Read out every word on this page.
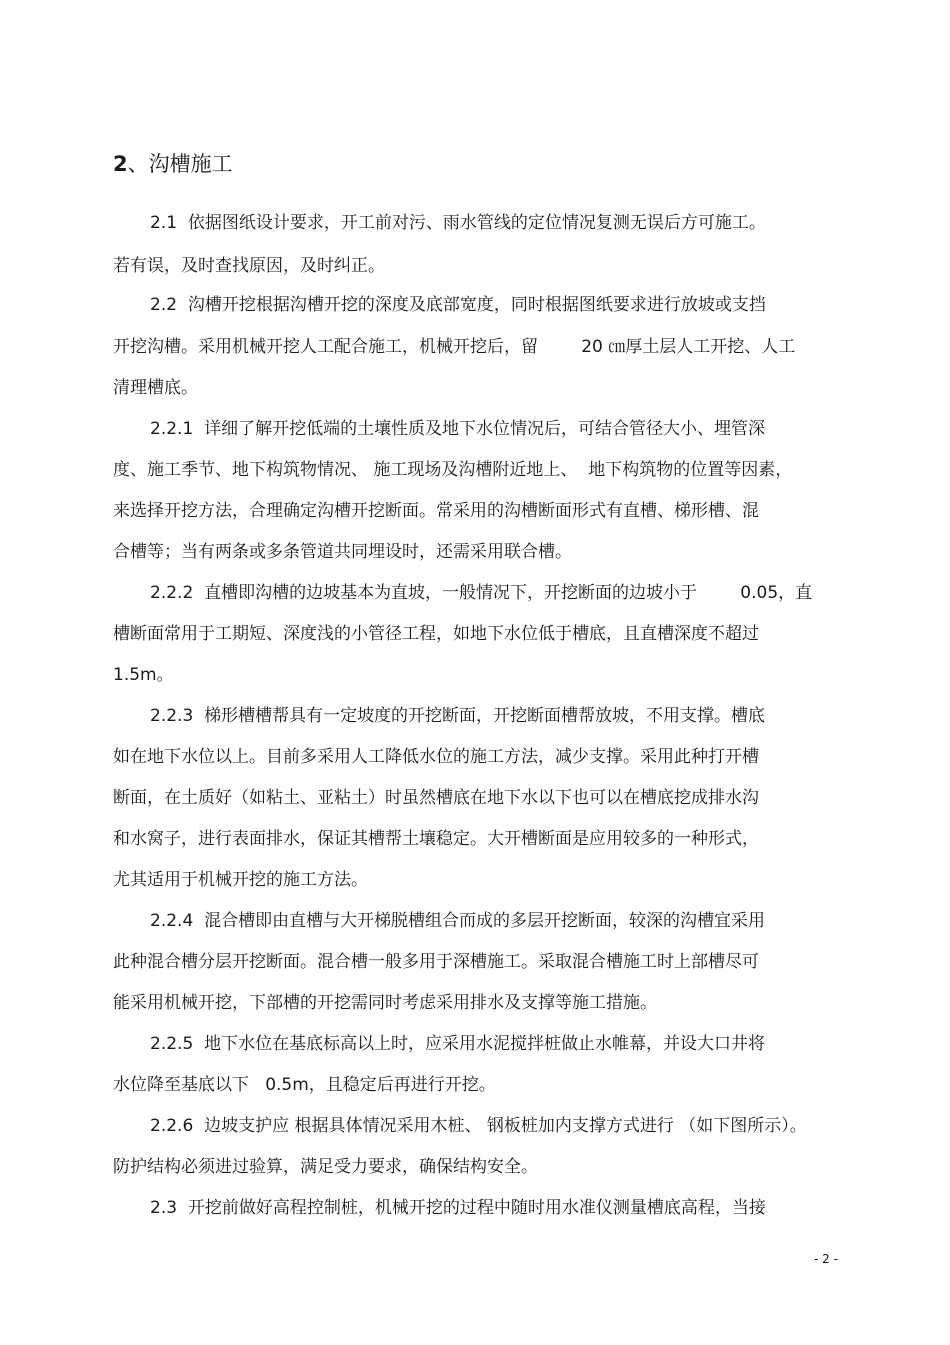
2、沟槽施工
2.1  依据图纸设计要求，开工前对污、雨水管线的定位情况复测无误后方可施工。
若有误，及时查找原因，及时纠正。
2.2  沟槽开挖根据沟槽开挖的深度及底部宽度，同时根据图纸要求进行放坡或支挡
开挖沟槽。采用机械开挖人工配合施工，机械开挖后，留        20 ㎝厚土层人工开挖、人工
清理槽底。
2.2.1  详细了解开挖低端的土壤性质及地下水位情况后，可结合管径大小、埋管深
度、施工季节、地下构筑物情况、 施工现场及沟槽附近地上、  地下构筑物的位置等因素，
来选择开挖方法，合理确定沟槽开挖断面。常采用的沟槽断面形式有直槽、梯形槽、混
合槽等；当有两条或多条管道共同埋设时，还需采用联合槽。
2.2.2  直槽即沟槽的边坡基本为直坡，一般情况下，开挖断面的边坡小于        0.05，直
槽断面常用于工期短、深度浅的小管径工程，如地下水位低于槽底，且直槽深度不超过
1.5m。
2.2.3  梯形槽槽帮具有一定坡度的开挖断面，开挖断面槽帮放坡，不用支撑。槽底
如在地下水位以上。目前多采用人工降低水位的施工方法，减少支撑。采用此种打开槽
断面，在土质好（如粘土、亚粘土）时虽然槽底在地下水以下也可以在槽底挖成排水沟
和水窝子，进行表面排水，保证其槽帮土壤稳定。大开槽断面是应用较多的一种形式，
尤其适用于机械开挖的施工方法。
2.2.4  混合槽即由直槽与大开梯脱槽组合而成的多层开挖断面，较深的沟槽宜采用
此种混合槽分层开挖断面。混合槽一般多用于深槽施工。采取混合槽施工时上部槽尽可
能采用机械开挖，下部槽的开挖需同时考虑采用排水及支撑等施工措施。
2.2.5  地下水位在基底标高以上时，应采用水泥搅拌桩做止水帷幕，并设大口井将
水位降至基底以下   0.5m，且稳定后再进行开挖。
2.2.6  边坡支护应 根据具体情况采用木桩、 钢板桩加内支撑方式进行 （如下图所示）。
防护结构必须进过验算，满足受力要求，确保结构安全。
2.3  开挖前做好高程控制桩，机械开挖的过程中随时用水准仪测量槽底高程，当接
- 2 -
